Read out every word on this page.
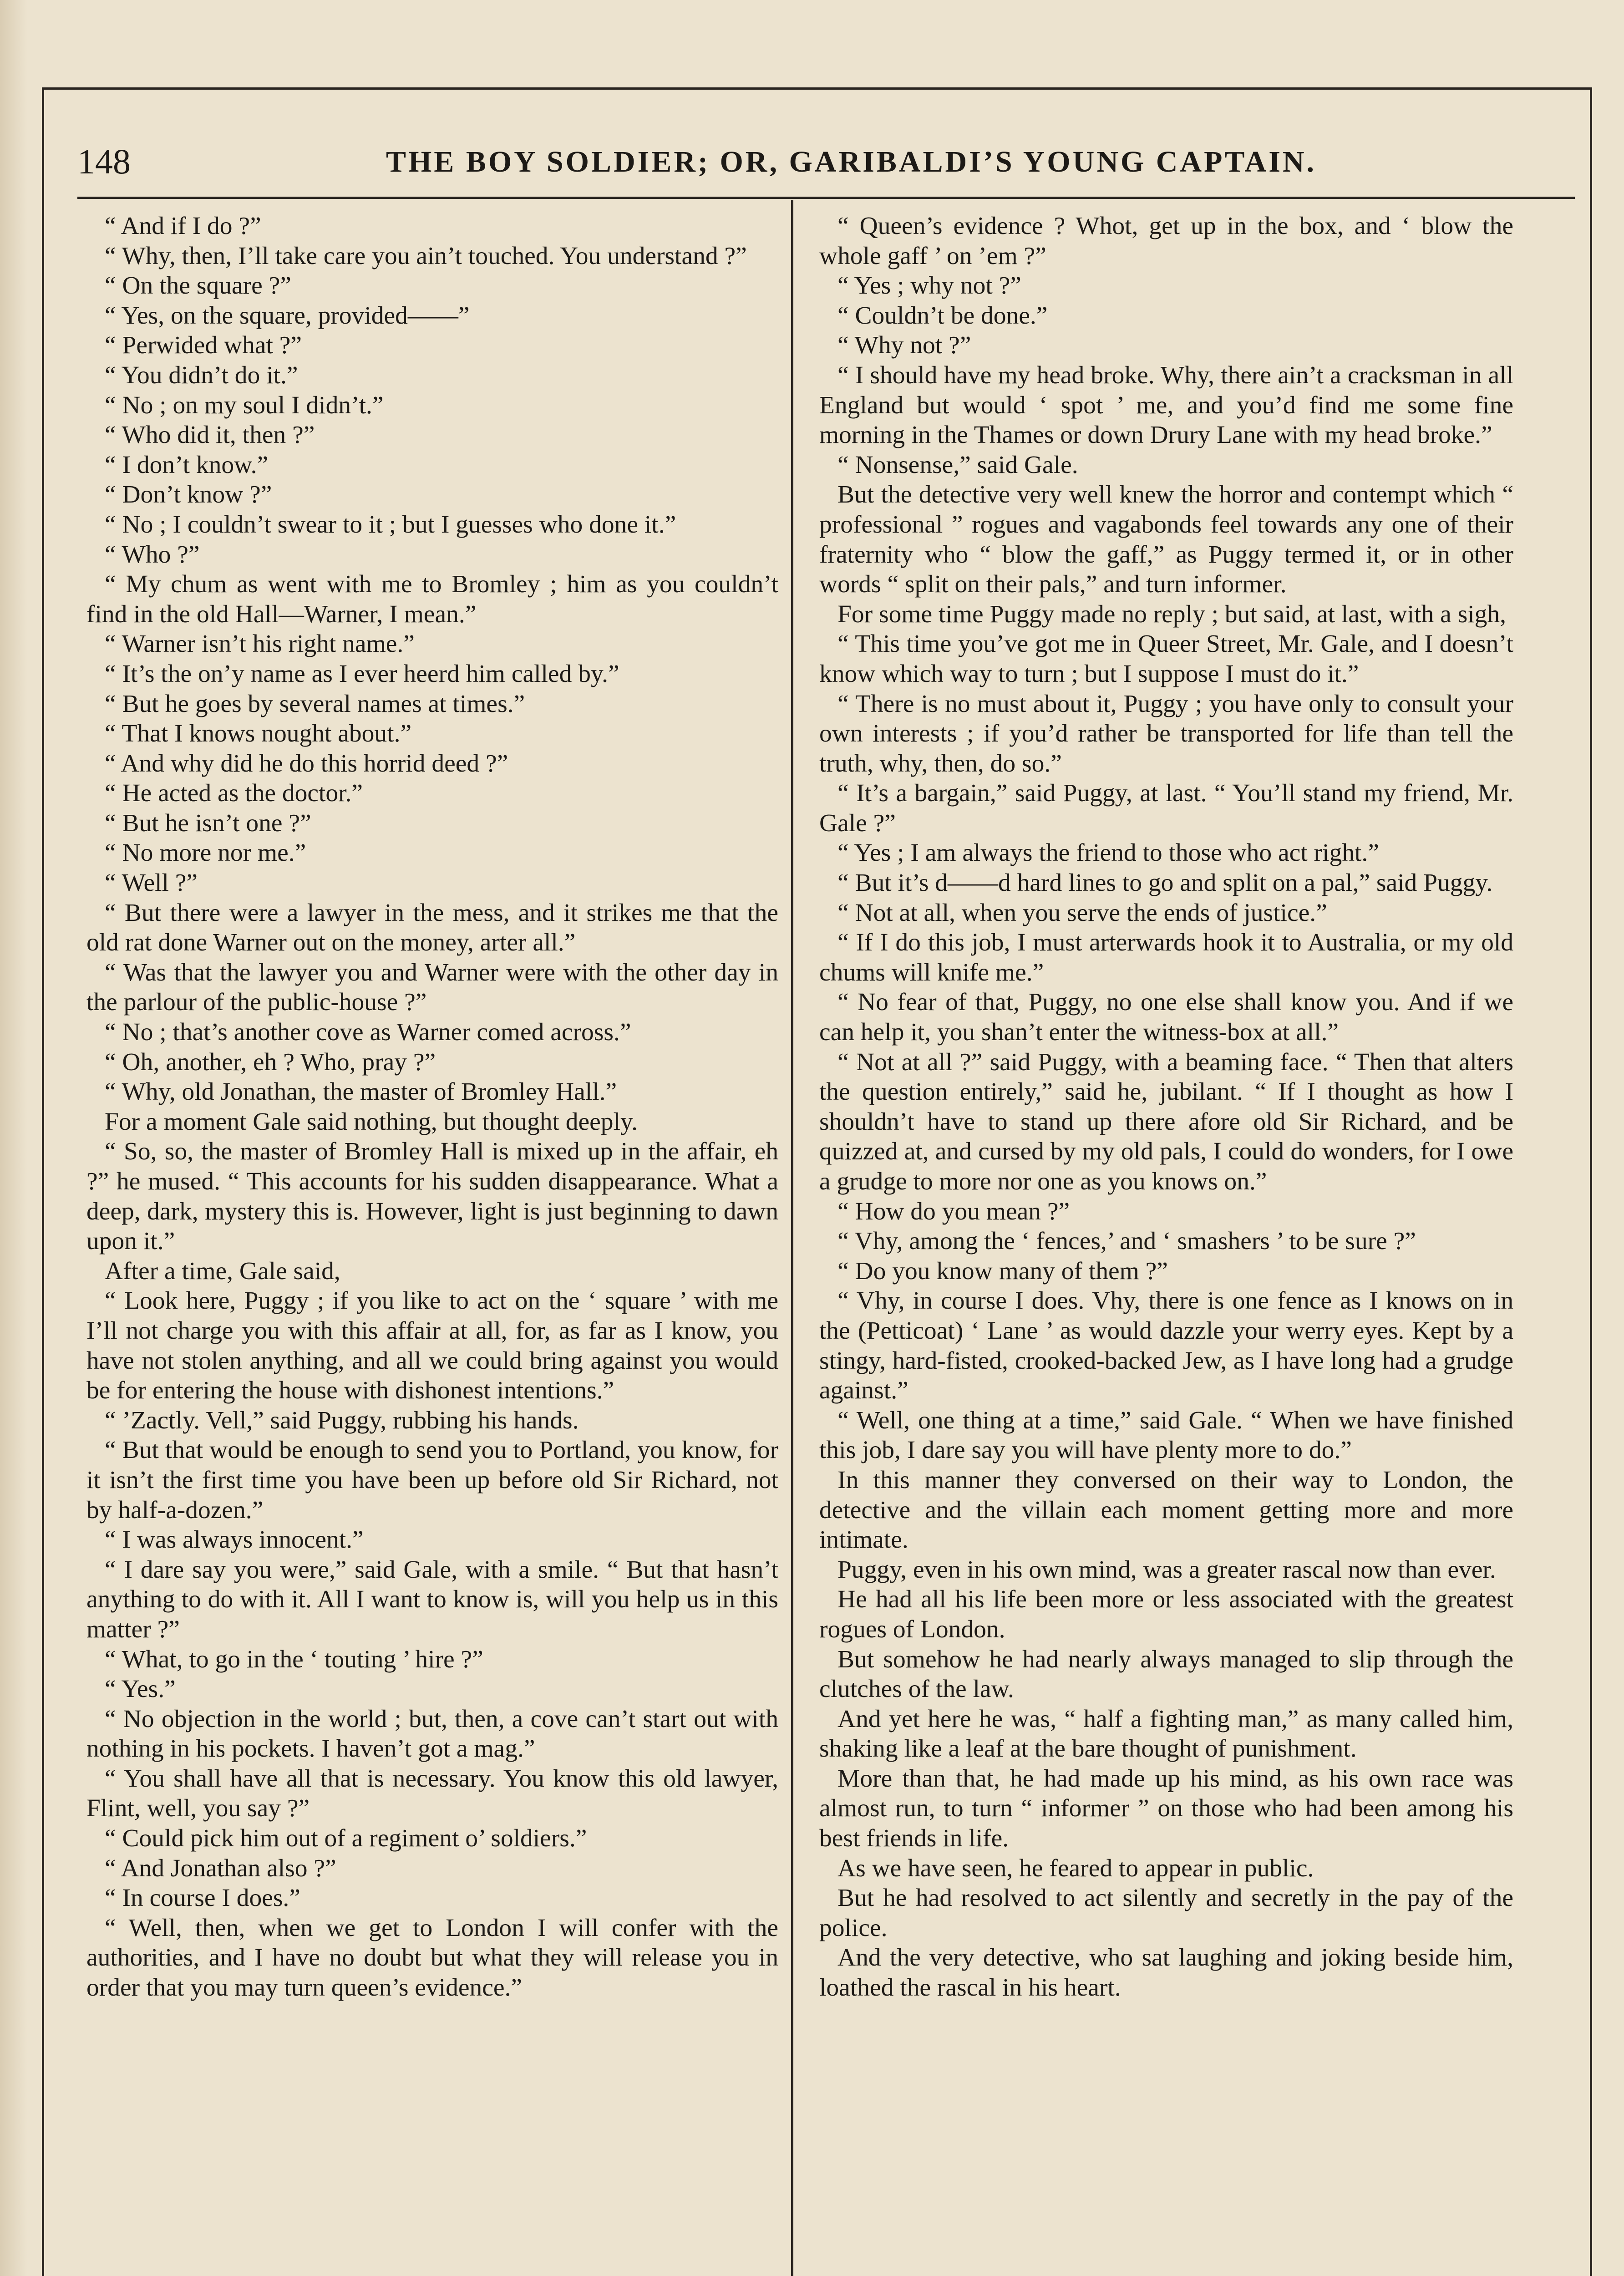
148	THE BOY SOLDIER; OR, GARIBALDI’S YOUNG CAPTAIN.

“ And if I do ?”

“ Why, then, I’ll take care you ain’t touched. You understand ?”

“ On the square ?”

“ Yes, on the square, provided——”

“ Perwided what ?”

“ You didn’t do it.”

“ No ; on my soul I didn’t.”

“ Who did it, then ?”

“ I don’t know.”

“ Don’t know ?”

“ No ; I couldn’t swear to it ; but I guesses who done it.”

“ Who ?”

“ My chum as went with me to Bromley ; him as you couldn’t find in the old Hall—Warner, I mean.”

“ Warner isn’t his right name.”

“ It’s the on’y name as I ever heerd him called by.”

“ But he goes by several names at times.”

“ That I knows nought about.”

“ And why did he do this horrid deed ?”

“ He acted as the doctor.”

“ But he isn’t one ?”

“ No more nor me.”

“ Well ?”

“ But there were a lawyer in the mess, and it strikes me that the old rat done Warner out on the money, arter all.”

“ Was that the lawyer you and Warner were with the other day in the parlour of the public-house ?”

“ No ; that’s another cove as Warner comed across.”

“ Oh, another, eh ? Who, pray ?”

“ Why, old Jonathan, the master of Bromley Hall.”

For a moment Gale said nothing, but thought deeply.

“ So, so, the master of Bromley Hall is mixed up in the affair, eh ?” he mused. “ This accounts for his sudden disappearance. What a deep, dark, mystery this is. However, light is just beginning to dawn upon it.”

After a time, Gale said,

“ Look here, Puggy ; if you like to act on the ‘ square ’ with me I’ll not charge you with this affair at all, for, as far as I know, you have not stolen anything, and all we could bring against you would be for entering the house with dishonest intentions.”

“ ’Zactly. Vell,” said Puggy, rubbing his hands.

“ But that would be enough to send you to Portland, you know, for it isn’t the first time you have been up before old Sir Richard, not by half-a-dozen.”

“ I was always innocent.”

“ I dare say you were,” said Gale, with a smile. “ But that hasn’t anything to do with it. All I want to know is, will you help us in this matter ?”

“ What, to go in the ‘ touting ’ hire ?”

“ Yes.”

“ No objection in the world ; but, then, a cove can’t start out with nothing in his pockets. I haven’t got a mag.”

“ You shall have all that is necessary. You know this old lawyer, Flint, well, you say ?”

“ Could pick him out of a regiment o’ soldiers.”

“ And Jonathan also ?”

“ In course I does.”

“ Well, then, when we get to London I will confer with the authorities, and I have no doubt but what they will release you in order that you may turn queen’s evidence.”

“ Queen’s evidence ? Whot, get up in the box, and ‘ blow the whole gaff ’ on ’em ?”

“ Yes ; why not ?”

“ Couldn’t be done.”

“ Why not ?”

“ I should have my head broke. Why, there ain’t a cracksman in all England but would ‘ spot ’ me, and you’d find me some fine morning in the Thames or down Drury Lane with my head broke.”

“ Nonsense,” said Gale.

But the detective very well knew the horror and contempt which “ professional ” rogues and vagabonds feel towards any one of their fraternity who “ blow the gaff,” as Puggy termed it, or in other words “ split on their pals,” and turn informer.

For some time Puggy made no reply ; but said, at last, with a sigh,

“ This time you’ve got me in Queer Street, Mr. Gale, and I doesn’t know which way to turn ; but I suppose I must do it.”

“ There is no must about it, Puggy ; you have only to consult your own interests ; if you’d rather be transported for life than tell the truth, why, then, do so.”

“ It’s a bargain,” said Puggy, at last. “ You’ll stand my friend, Mr. Gale ?”

“ Yes ; I am always the friend to those who act right.”

“ But it’s d——d hard lines to go and split on a pal,” said Puggy.

“ Not at all, when you serve the ends of justice.”

“ If I do this job, I must arterwards hook it to Australia, or my old chums will knife me.”

“ No fear of that, Puggy, no one else shall know you. And if we can help it, you shan’t enter the witness-box at all.”

“ Not at all ?” said Puggy, with a beaming face. “ Then that alters the question entirely,” said he, jubilant. “ If I thought as how I shouldn’t have to stand up there afore old Sir Richard, and be quizzed at, and cursed by my old pals, I could do wonders, for I owe a grudge to more nor one as you knows on.”

“ How do you mean ?”

“ Vhy, among the ‘ fences,’ and ‘ smashers ’ to be sure ?”

“ Do you know many of them ?”

“ Vhy, in course I does. Vhy, there is one fence as I knows on in the (Petticoat) ‘ Lane ’ as would dazzle your werry eyes. Kept by a stingy, hard-fisted, crooked-backed Jew, as I have long had a grudge against.”

“ Well, one thing at a time,” said Gale. “ When we have finished this job, I dare say you will have plenty more to do.”

In this manner they conversed on their way to London, the detective and the villain each moment getting more and more intimate.

Puggy, even in his own mind, was a greater rascal now than ever.

He had all his life been more or less associated with the greatest rogues of London.

But somehow he had nearly always managed to slip through the clutches of the law.

And yet here he was, “ half a fighting man,” as many called him, shaking like a leaf at the bare thought of punishment.

More than that, he had made up his mind, as his own race was almost run, to turn “ informer ” on those who had been among his best friends in life.

As we have seen, he feared to appear in public.

But he had resolved to act silently and secretly in the pay of the police.

And the very detective, who sat laughing and joking beside him, loathed the rascal in his heart.
